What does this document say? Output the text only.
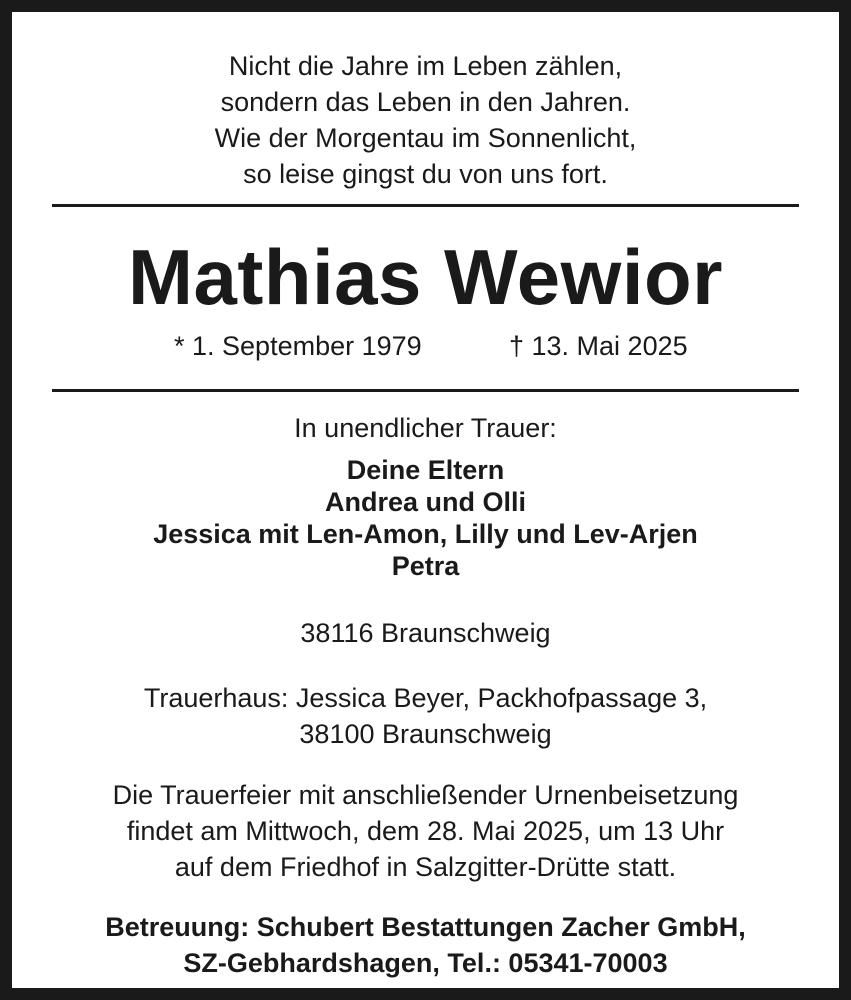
Nicht die Jahre im Leben zählen,
sondern das Leben in den Jahren.
Wie der Morgentau im Sonnenlicht,
so leise gingst du von uns fort.
Mathias Wewior
* 1. September 1979	† 13. Mai 2025
In unendlicher Trauer:
Deine Eltern
Andrea und Olli
Jessica mit Len-Amon, Lilly und Lev-Arjen
Petra
38116 Braunschweig
Trauerhaus: Jessica Beyer, Packhofpassage 3,
38100 Braunschweig
Die Trauerfeier mit anschließender Urnenbeisetzung
findet am Mittwoch, dem 28. Mai 2025, um 13 Uhr
auf dem Friedhof in Salzgitter-Drütte statt.
Betreuung: Schubert Bestattungen Zacher GmbH,
SZ-Gebhardshagen, Tel.: 05341-70003
